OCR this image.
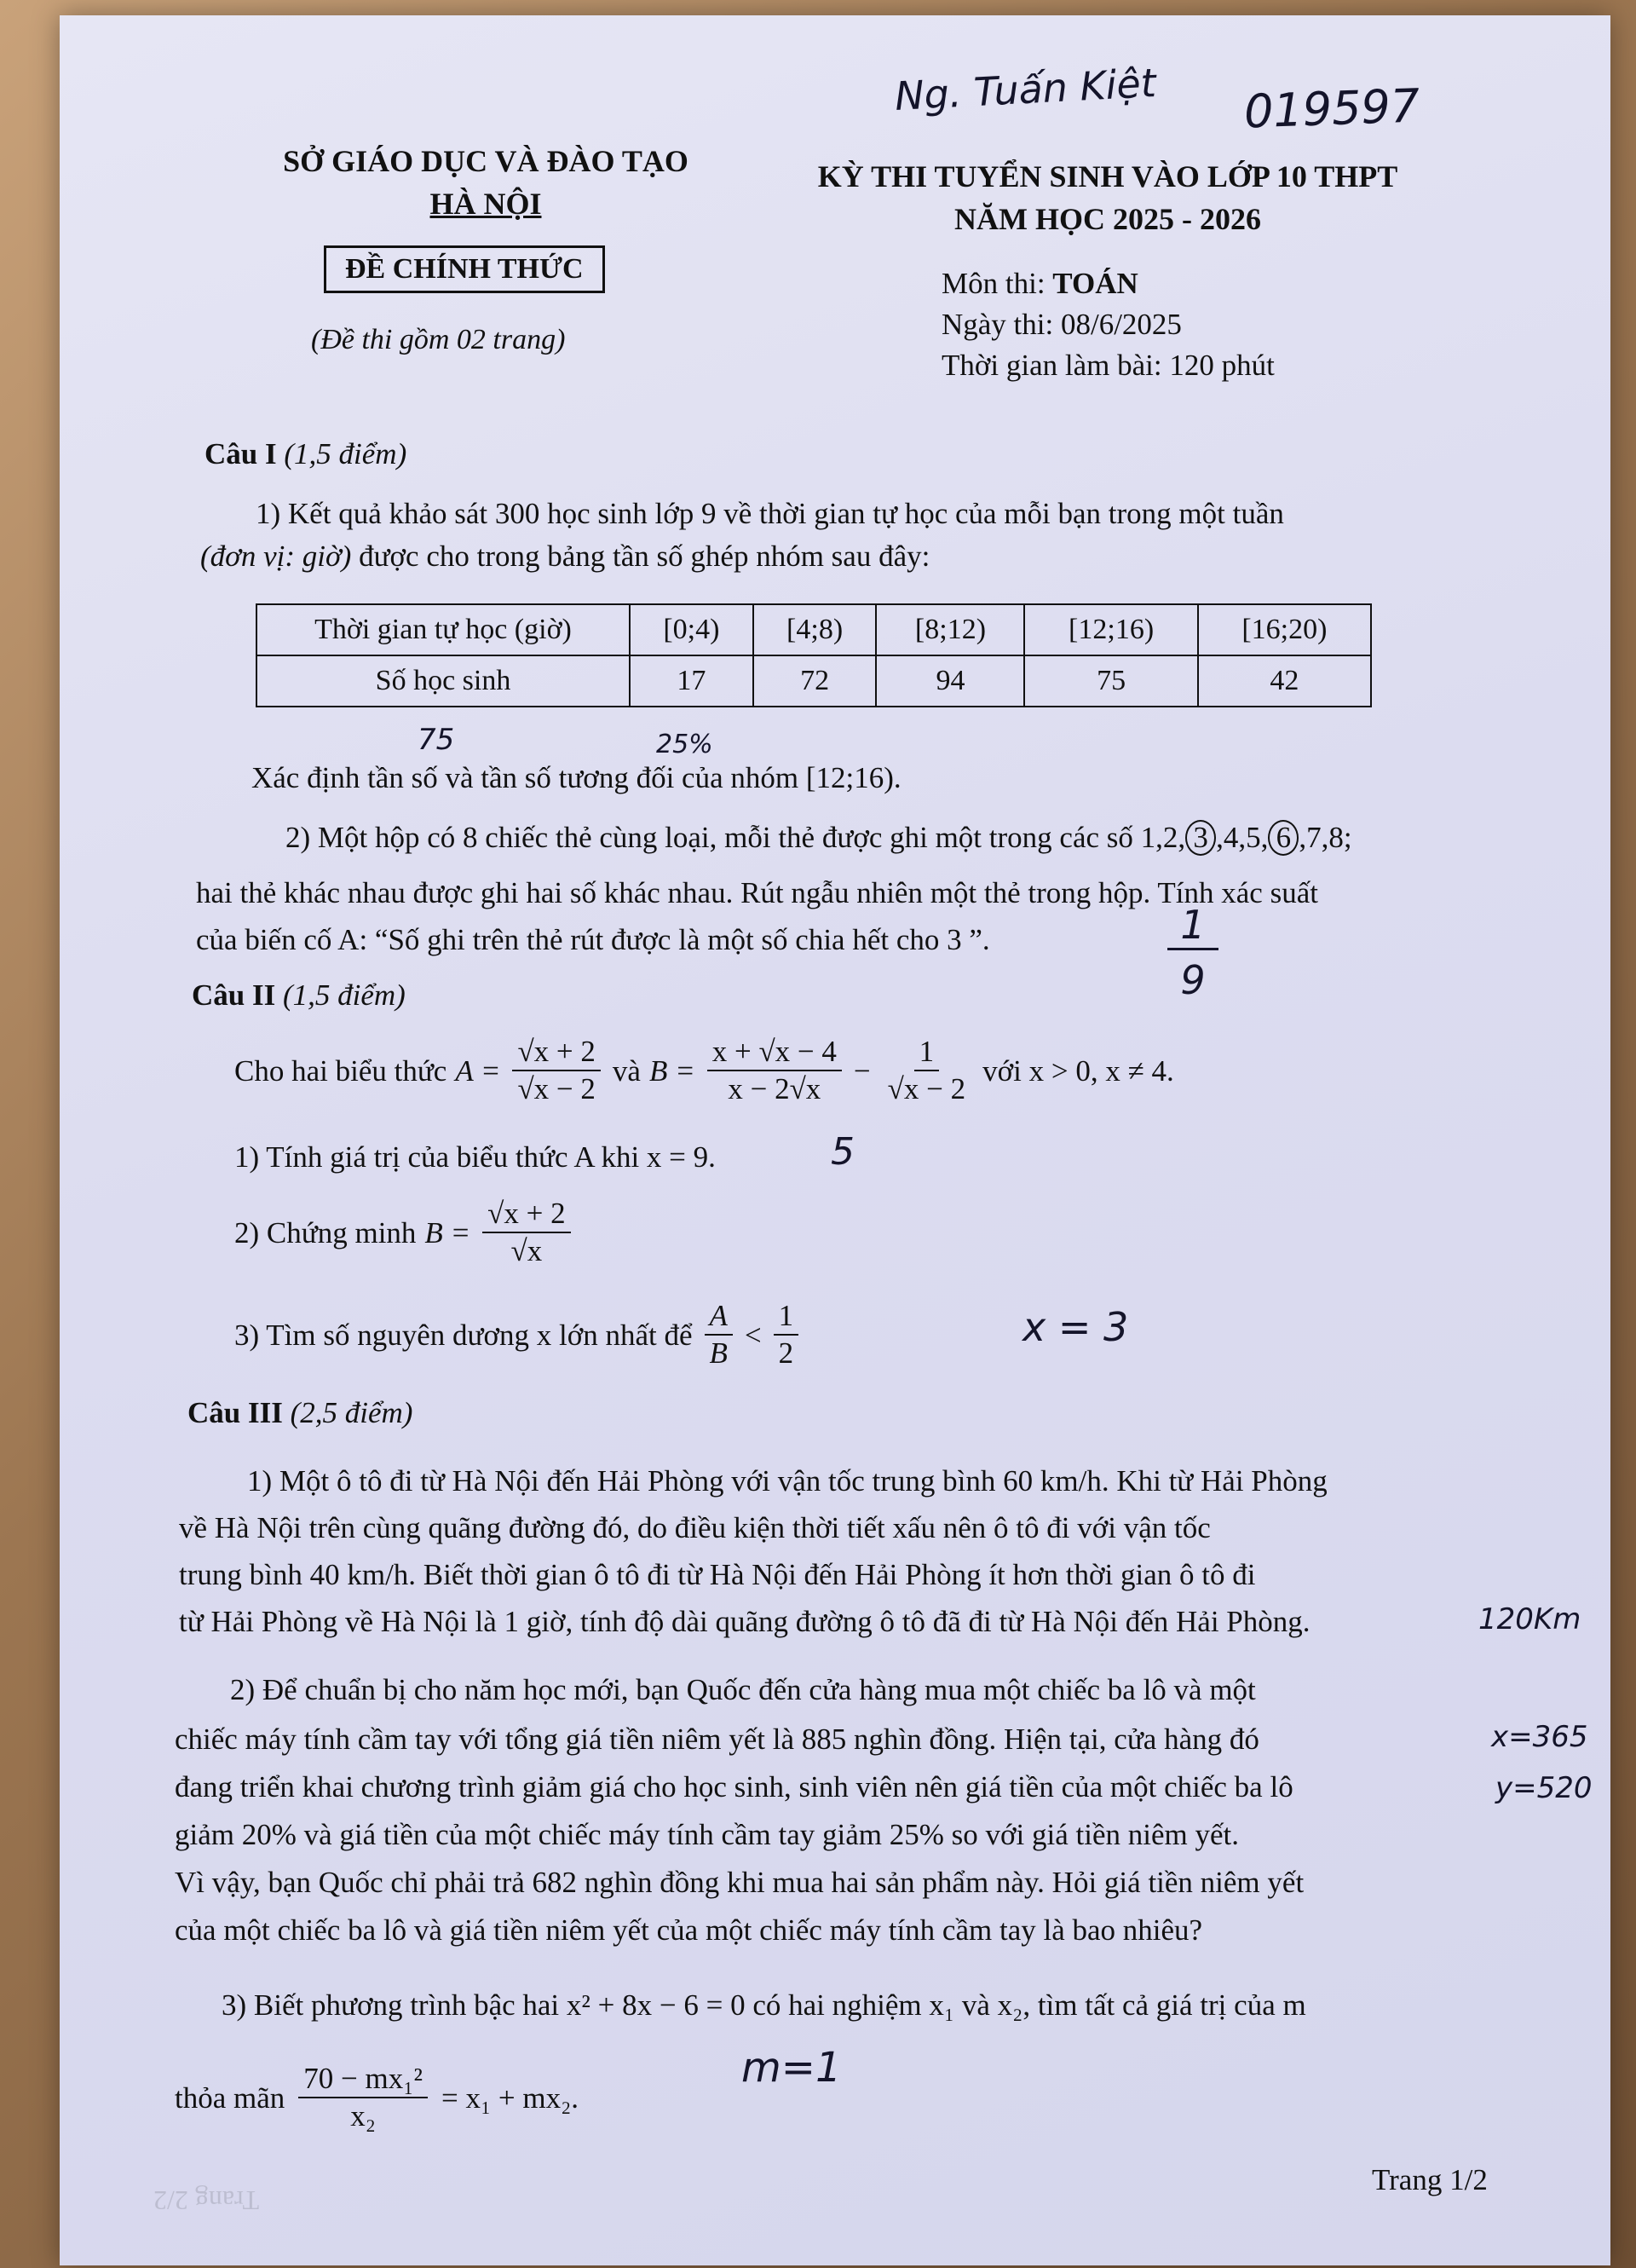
Ng. Tuấn Kiệt 019597
SỞ GIÁO DỤC VÀ ĐÀO TẠO
HÀ NỘI
ĐỀ CHÍNH THỨC
(Đề thi gồm 02 trang)
KỲ THI TUYỂN SINH VÀO LỚP 10 THPT
NĂM HỌC 2025 - 2026
Môn thi: TOÁN
Ngày thi: 08/6/2025
Thời gian làm bài: 120 phút
Câu I (1,5 điểm)
1) Kết quả khảo sát 300 học sinh lớp 9 về thời gian tự học của mỗi bạn trong một tuần
(đơn vị: giờ) được cho trong bảng tần số ghép nhóm sau đây:
Thời gian tự học (giờ)	[0;4)	[4;8)	[8;12)	[12;16)	[16;20)
Số học sinh	17	72	94	75	42
75	25%
Xác định tần số và tần số tương đối của nhóm [12;16).
2) Một hộp có 8 chiếc thẻ cùng loại, mỗi thẻ được ghi một trong các số 1,2, 3 ,4,5, 6 ,7,8;
hai thẻ khác nhau được ghi hai số khác nhau. Rút ngẫu nhiên một thẻ trong hộp. Tính xác suất
của biến cố A: “Số ghi trên thẻ rút được là một số chia hết cho 3 ”.	1
9
Câu II (1,5 điểm)
Cho hai biểu thức $A = \frac{√x + 2}{√x - 2}$ và $B = \frac{x + √x - 4}{x - 2√x} - \frac{1}{√x - 2}$ với x > 0, x ≠ 4.
1) Tính giá trị của biểu thức A khi x = 9.	5
2) Chứng minh $B = \frac{√x + 2}{√x}$
3) Tìm số nguyên dương x lớn nhất để $\frac{A}{B} < \frac{1}{2}$	x = 3
Câu III (2,5 điểm)
1) Một ô tô đi từ Hà Nội đến Hải Phòng với vận tốc trung bình 60 km/h. Khi từ Hải Phòng
về Hà Nội trên cùng quãng đường đó, do điều kiện thời tiết xấu nên ô tô đi với vận tốc
trung bình 40 km/h. Biết thời gian ô tô đi từ Hà Nội đến Hải Phòng ít hơn thời gian ô tô đi
từ Hải Phòng về Hà Nội là 1 giờ, tính độ dài quãng đường ô tô đã đi từ Hà Nội đến Hải Phòng.	120Km
2) Để chuẩn bị cho năm học mới, bạn Quốc đến cửa hàng mua một chiếc ba lô và một
chiếc máy tính cầm tay với tổng giá tiền niêm yết là 885 nghìn đồng. Hiện tại, cửa hàng đó
đang triển khai chương trình giảm giá cho học sinh, sinh viên nên giá tiền của một chiếc ba lô
giảm 20% và giá tiền của một chiếc máy tính cầm tay giảm 25% so với giá tiền niêm yết.
Vì vậy, bạn Quốc chỉ phải trả 682 nghìn đồng khi mua hai sản phẩm này. Hỏi giá tiền niêm yết
của một chiếc ba lô và giá tiền niêm yết của một chiếc máy tính cầm tay là bao nhiêu?
x=365
y=520
3) Biết phương trình bậc hai x² + 8x − 6 = 0 có hai nghiệm x₁ và x₂, tìm tất cả giá trị của m
thỏa mãn $\frac{\text{70 − mx₁²}}{\text{x₂}} = x_1 + mx_2$.
m=1
Trang 2/2
Trang 1/2
